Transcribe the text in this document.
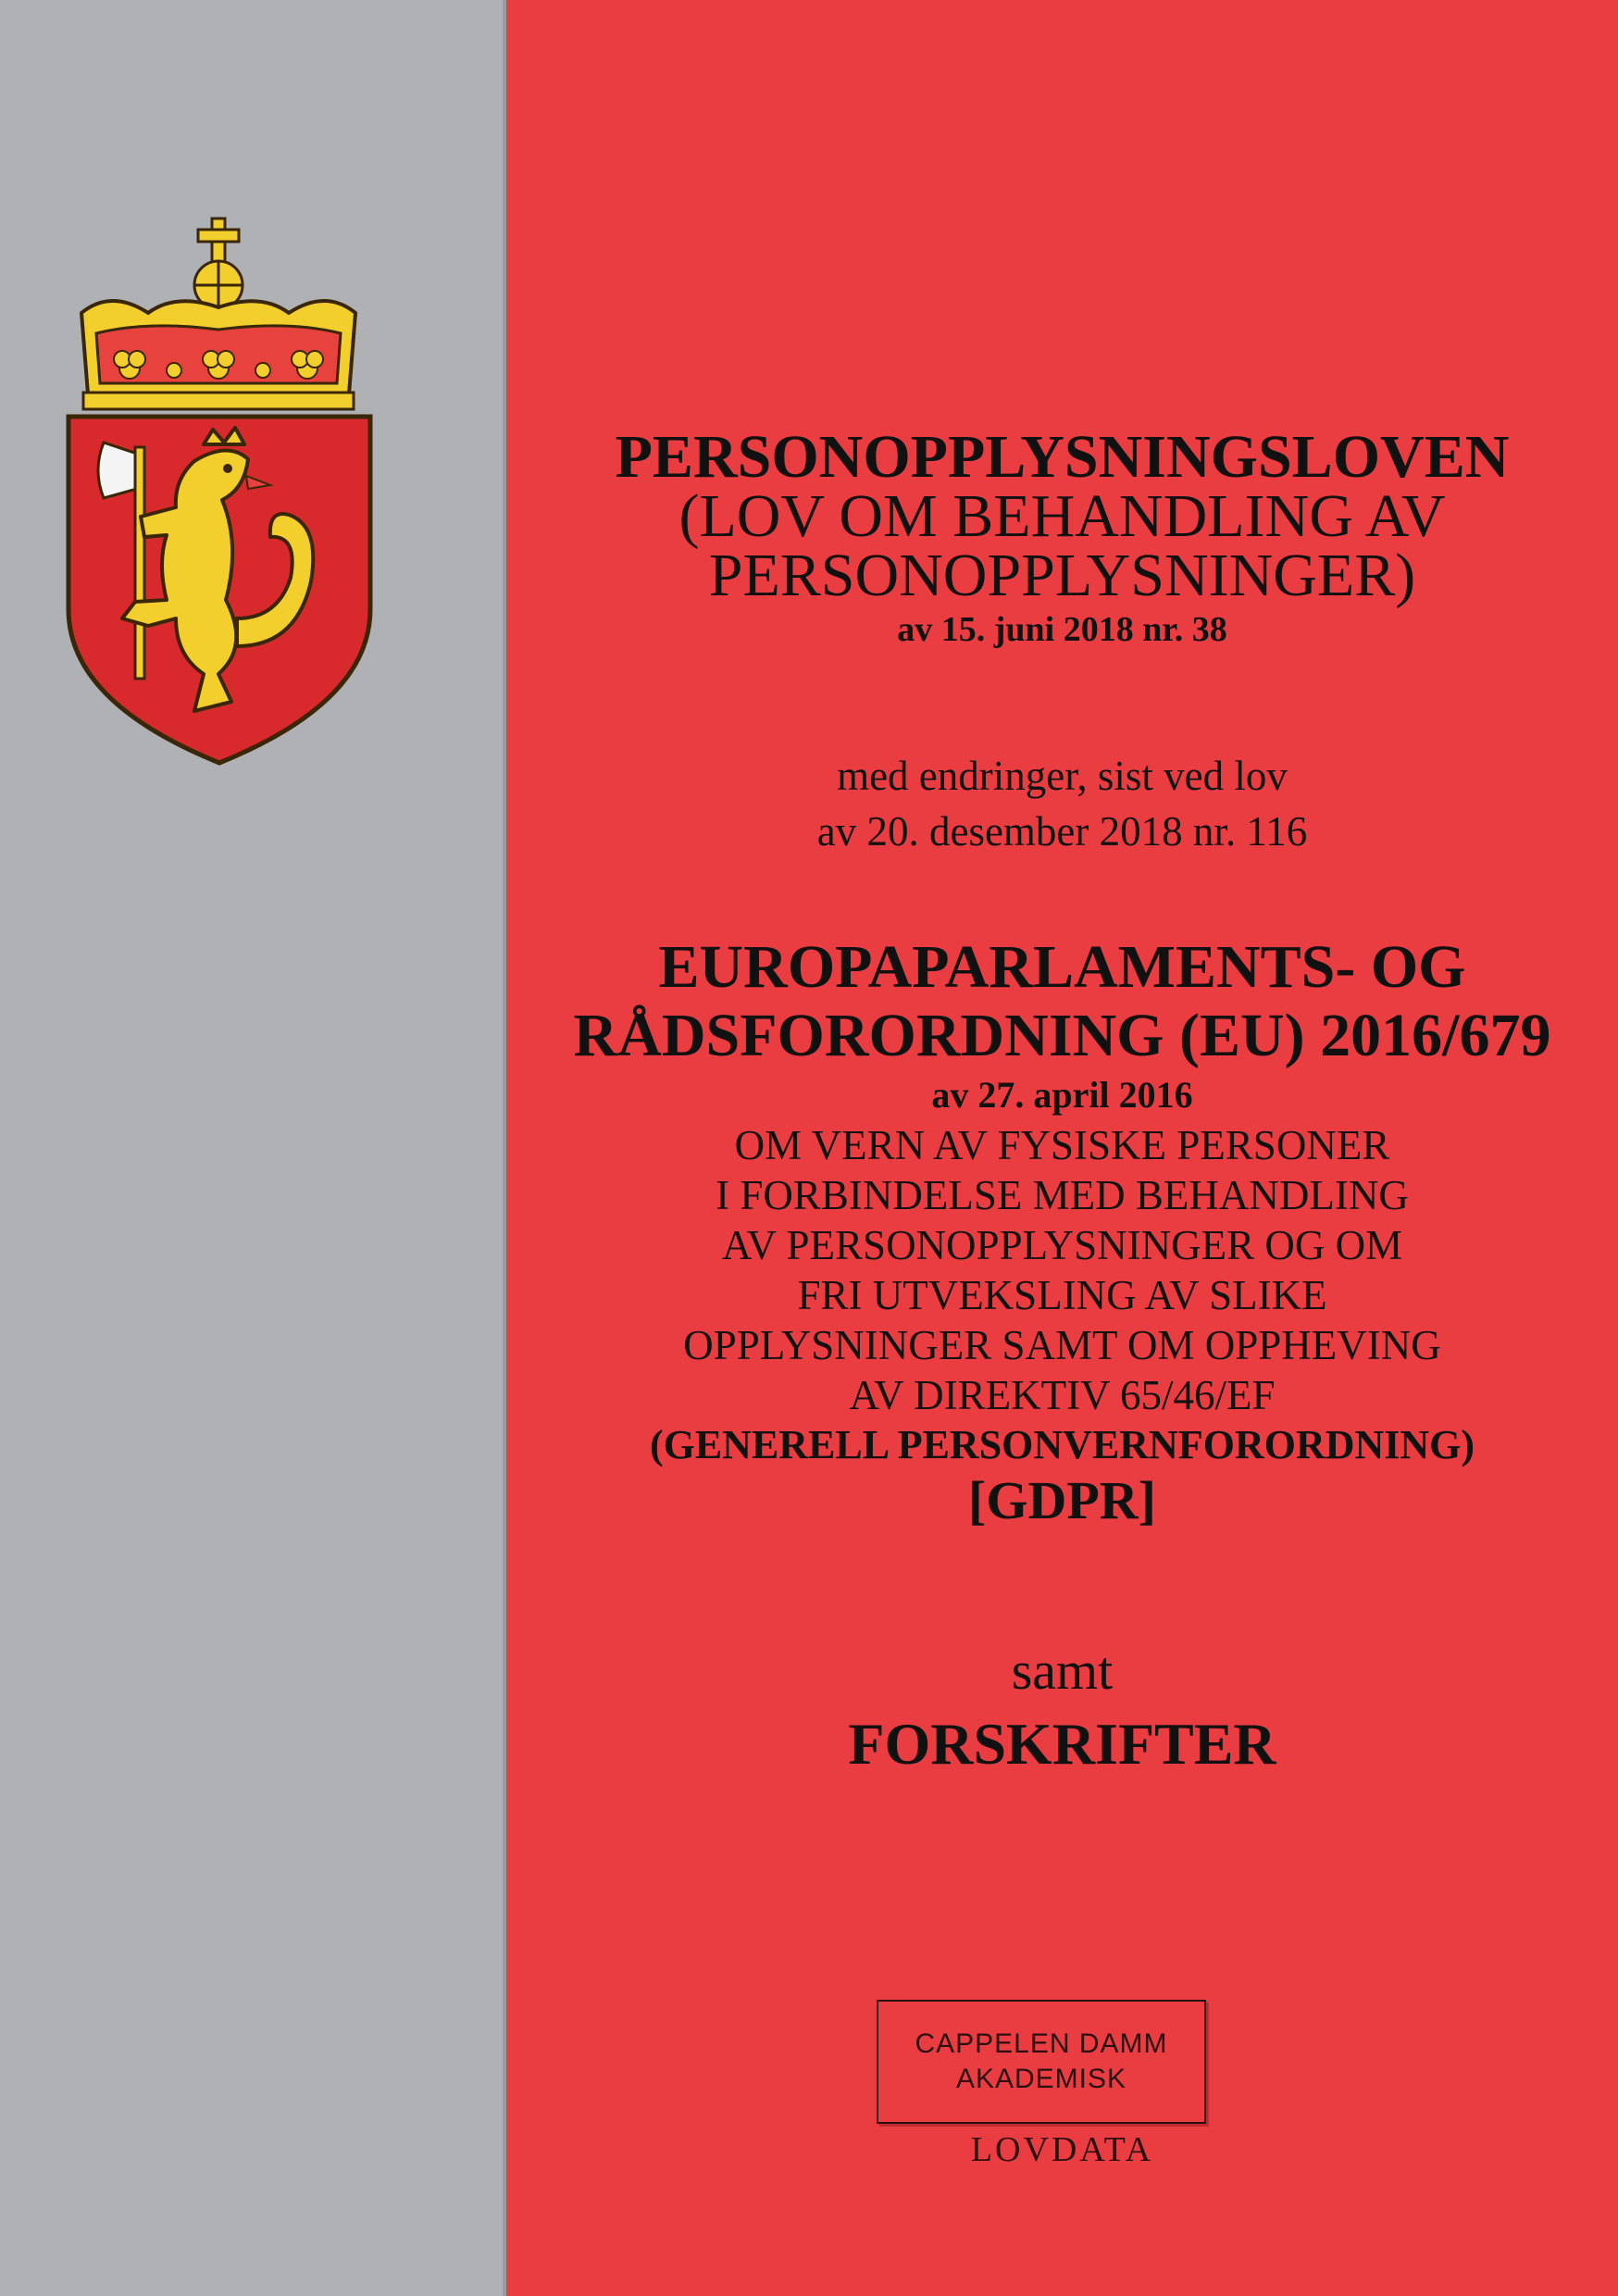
PERSONOPPLYSNINGSLOVEN
(LOV OM BEHANDLING AV
PERSONOPPLYSNINGER)
av 15. juni 2018 nr. 38
med endringer, sist ved lov
av 20. desember 2018 nr. 116
EUROPAPARLAMENTS- OG
RÅDSFORORDNING (EU) 2016/679
av 27. april 2016
OM VERN AV FYSISKE PERSONER
I FORBINDELSE MED BEHANDLING
AV PERSONOPPLYSNINGER OG OM
FRI UTVEKSLING AV SLIKE
OPPLYSNINGER SAMT OM OPPHEVING
AV DIREKTIV 65/46/EF
(GENERELL PERSONVERNFORORDNING)
[GDPR]
samt
FORSKRIFTER
CAPPELEN DAMM
AKADEMISK
LOVDATA
